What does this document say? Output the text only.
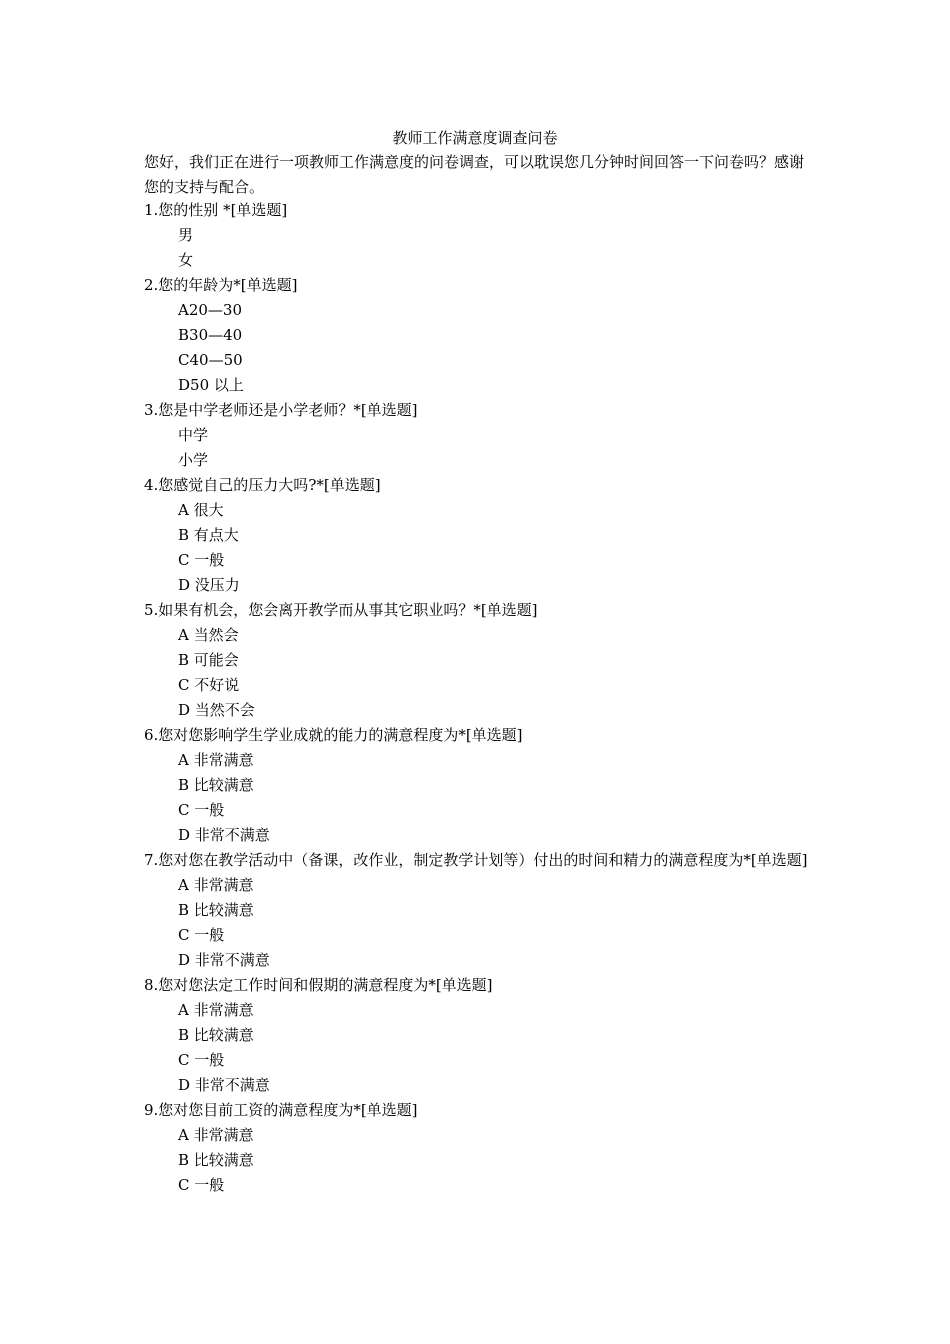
教师工作满意度调查问卷
您好，我们正在进行一项教师工作满意度的问卷调查，可以耽误您几分钟时间回答一下问卷吗？感谢您的支持与配合。
1.您的性别 *[单选题]
男
女
2.您的年龄为*[单选题]
A20—30
B30—40
C40—50
D50 以上
3.您是中学老师还是小学老师？*[单选题]
中学
小学
4.您感觉自己的压力大吗?*[单选题]
A 很大
B 有点大
C 一般
D 没压力
5.如果有机会，您会离开教学而从事其它职业吗？*[单选题]
A 当然会
B 可能会
C 不好说
D 当然不会
6.您对您影响学生学业成就的能力的满意程度为*[单选题]
A 非常满意
B 比较满意
C 一般
D 非常不满意
7.您对您在教学活动中（备课，改作业，制定教学计划等）付出的时间和精力的满意程度为*[单选题]
A 非常满意
B 比较满意
C 一般
D 非常不满意
8.您对您法定工作时间和假期的满意程度为*[单选题]
A 非常满意
B 比较满意
C 一般
D 非常不满意
9.您对您目前工资的满意程度为*[单选题]
A 非常满意
B 比较满意
C 一般
